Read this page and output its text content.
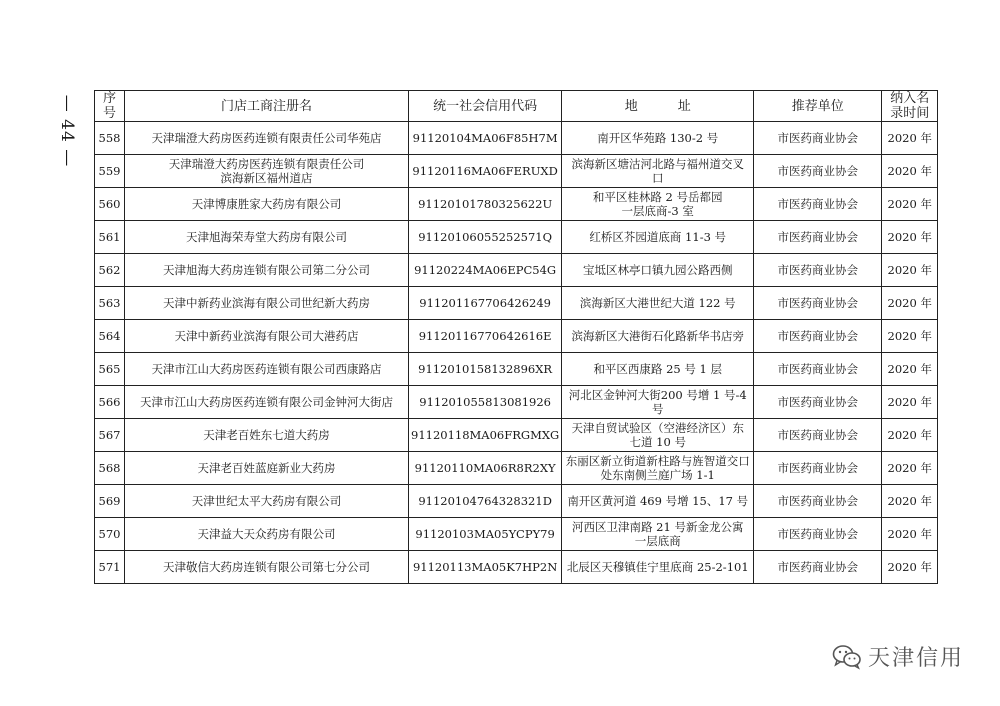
— 44 — 序
号	门店工商注册名	统一社会信用代码	地 址	推荐单位	纳入名
录时间
558	天津瑞澄大药房医药连锁有限责任公司华苑店	91120104MA06F85H7M	南开区华苑路 130-2 号	市医药商业协会	2020 年
559	天津瑞澄大药房医药连锁有限责任公司
滨海新区福州道店	91120116MA06FERUXD	滨海新区塘沽河北路与福州道交叉
口	市医药商业协会	2020 年
560	天津博康胜家大药房有限公司	91120101780325622U	和平区桂林路 2 号岳都园
一层底商-3 室	市医药商业协会	2020 年
561	天津旭海荣寿堂大药房有限公司	91120106055252571Q	红桥区芥园道底商 11-3 号	市医药商业协会	2020 年
562	天津旭海大药房连锁有限公司第二分公司	91120224MA06EPC54G	宝坻区林亭口镇九园公路西侧	市医药商业协会	2020 年
563	天津中新药业滨海有限公司世纪新大药房	911201167706426249	滨海新区大港世纪大道 122 号	市医药商业协会	2020 年
564	天津中新药业滨海有限公司大港药店	91120116770642616E	滨海新区大港街石化路新华书店旁	市医药商业协会	2020 年
565	天津市江山大药房医药连锁有限公司西康路店	9112010158132896XR	和平区西康路 25 号 1 层	市医药商业协会	2020 年
566	天津市江山大药房医药连锁有限公司金钟河大街店	911201055813081926	河北区金钟河大街200 号增 1 号-4 号	市医药商业协会	2020 年
567	天津老百姓东七道大药房	91120118MA06FRGMXG	天津自贸试验区（空港经济区）东
七道 10 号	市医药商业协会	2020 年
568	天津老百姓蓝庭新业大药房	91120110MA06R8R2XY	东丽区新立街道新柱路与旌智道交口
处东南侧兰庭广场 1-1	市医药商业协会	2020 年
569	天津世纪太平大药房有限公司	91120104764328321D	南开区黄河道 469 号增 15、17 号	市医药商业协会	2020 年
570	天津益大天众药房有限公司	91120103MA05YCPY79	河西区卫津南路 21 号新金龙公寓
一层底商	市医药商业协会	2020 年
571	天津敬信大药房连锁有限公司第七分公司	91120113MA05K7HP2N	北辰区天穆镇佳宁里底商 25-2-101	市医药商业协会	2020 年
天津信用
